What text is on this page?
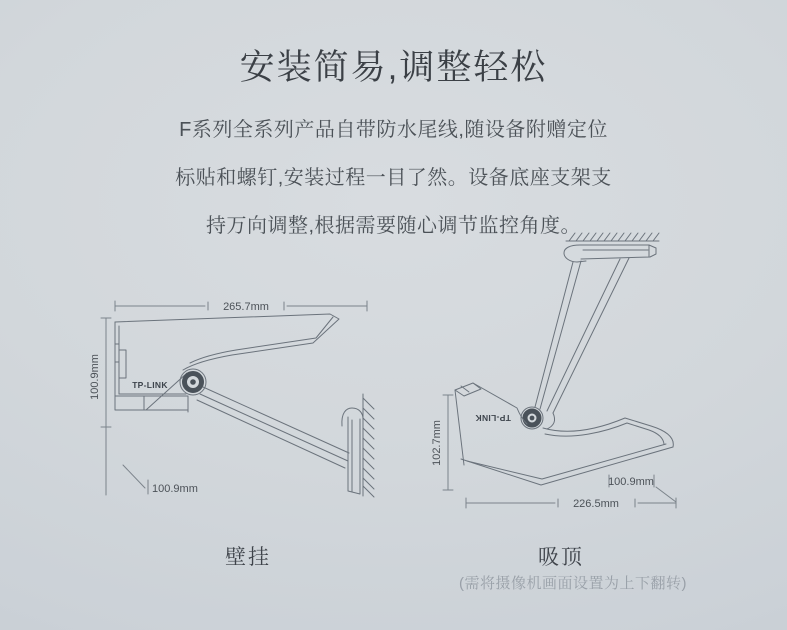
安装简易,调整轻松
F系列全系列产品自带防水尾线,随设备附赠定位
标贴和螺钉,安装过程一目了然。设备底座支架支
持万向调整,根据需要随心调节监控角度。
265.7mm
100.9mm
100.9mm
TP-LINK
TP-LINK
102.7mm
226.5mm
100.9mm
壁挂	吸顶
(需将摄像机画面设置为上下翻转)
